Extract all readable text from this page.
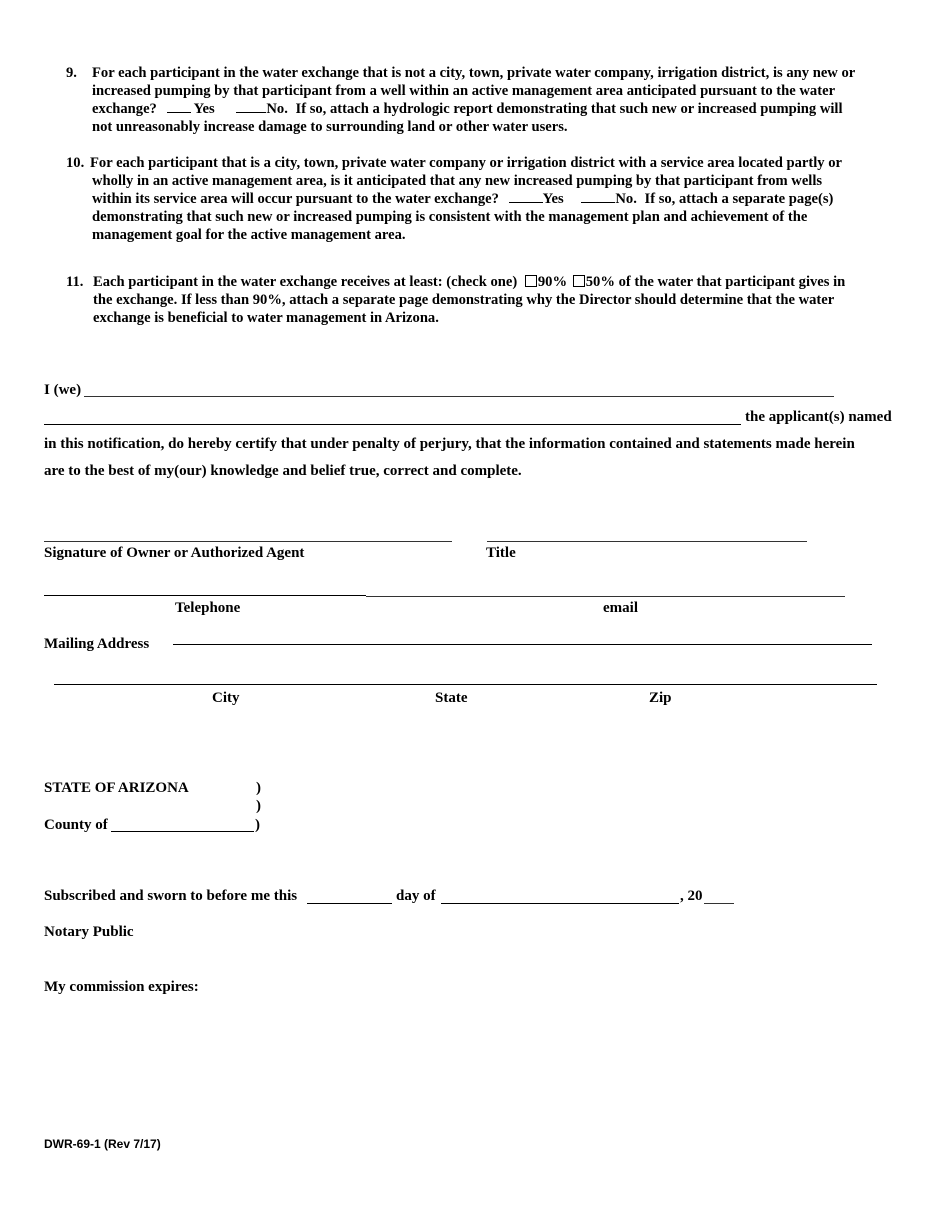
9. For each participant in the water exchange that is not a city, town, private water company, irrigation district, is any new or
increased pumping by that participant from a well within an active management area anticipated pursuant to the water
exchange?	Yes	No. If so, attach a hydrologic report demonstrating that such new or increased pumping will
not unreasonably increase damage to surrounding land or other water users.
10. For each participant that is a city, town, private water company or irrigation district with a service area located partly or
wholly in an active management area, is it anticipated that any new increased pumping by that participant from wells
within its service area will occur pursuant to the water exchange?	Yes	No. If so, attach a separate page(s)
demonstrating that such new or increased pumping is consistent with the management plan and achievement of the
management goal for the active management area.
11. Each participant in the water exchange receives at least: (check one) 90% 50% of the water that participant gives in
the exchange. If less than 90%, attach a separate page demonstrating why the Director should determine that the water
exchange is beneficial to water management in Arizona.
I (we)
the applicant(s) named
in this notification, do hereby certify that under penalty of perjury, that the information contained and statements made herein
are to the best of my(our) knowledge and belief true, correct and complete.
Signature of Owner or Authorized Agent	Title
Telephone	email
Mailing Address
City	State	Zip
STATE OF ARIZONA	)
)
County of	)
Subscribed and sworn to before me this	day of	, 20
Notary Public
My commission expires:
DWR-69-1 (Rev 7/17)
